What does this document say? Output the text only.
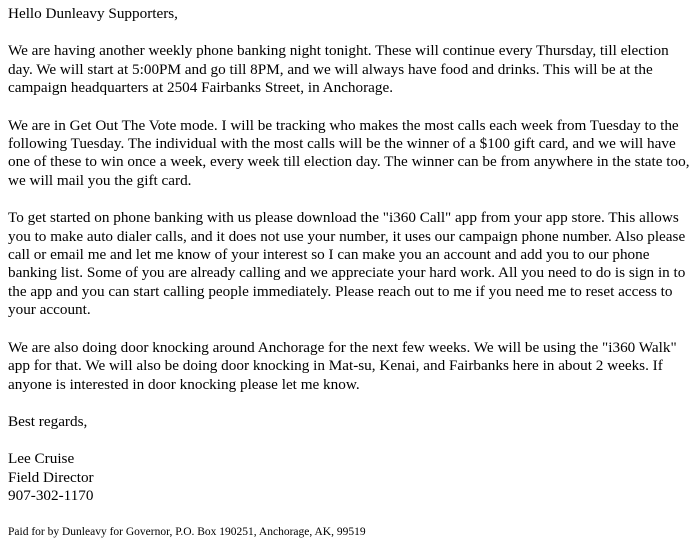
Hello Dunleavy Supporters,

We are having another weekly phone banking night tonight. These will continue every Thursday, till election day. We will start at 5:00PM and go till 8PM, and we will always have food and drinks. This will be at the campaign headquarters at 2504 Fairbanks Street, in Anchorage.

We are in Get Out The Vote mode. I will be tracking who makes the most calls each week from Tuesday to the following Tuesday. The individual with the most calls will be the winner of a $100 gift card, and we will have one of these to win once a week, every week till election day. The winner can be from anywhere in the state too, we will mail you the gift card.

To get started on phone banking with us please download the "i360 Call" app from your app store. This allows you to make auto dialer calls, and it does not use your number, it uses our campaign phone number. Also please call or email me and let me know of your interest so I can make you an account and add you to our phone banking list. Some of you are already calling and we appreciate your hard work. All you need to do is sign in to the app and you can start calling people immediately. Please reach out to me if you need me to reset access to your account.

We are also doing door knocking around Anchorage for the next few weeks. We will be using the "i360 Walk" app for that. We will also be doing door knocking in Mat-su, Kenai, and Fairbanks here in about 2 weeks. If anyone is interested in door knocking please let me know.

Best regards,

Lee Cruise
Field Director
907-302-1170

Paid for by Dunleavy for Governor, P.O. Box 190251, Anchorage, AK, 99519
